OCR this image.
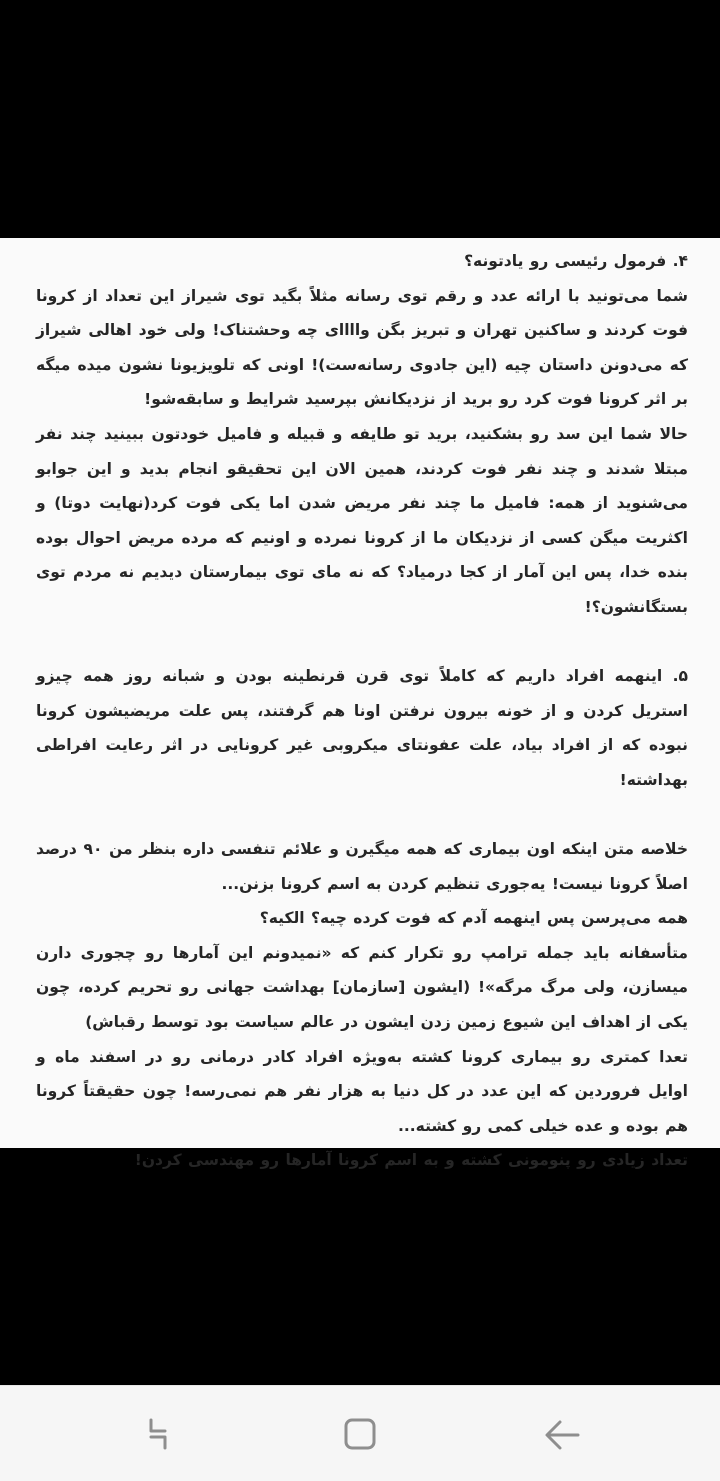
۴. فرمول رئیسی رو یادتونه؟

شما می‌تونید با ارائه عدد و رقم توی رسانه مثلاً بگید توی شیراز این تعداد از کرونا فوت کردند و ساکنین تهران و تبریز بگن واااای چه وحشتناک! ولی خود اهالی شیراز که می‌دونن داستان چیه (این جادوی رسانه‌ست)! اونی که تلویزیونا نشون میده میگه بر اثر کرونا فوت کرد رو برید از نزدیکانش بپرسید شرایط و سابقه‌شو!

حالا شما این سد رو بشکنید، برید تو طایفه و قبیله و فامیل خودتون ببینید چند نفر مبتلا شدند و چند نفر فوت کردند، همین الان این تحقیقو انجام بدید و این جوابو می‌شنوید از همه: فامیل ما چند نفر مریض شدن اما یکی فوت کرد(نهایت دوتا) و اکثریت میگن کسی از نزدیکان ما از کرونا نمرده و اونیم که مرده مریض احوال بوده بنده خدا، پس این آمار از کجا درمیاد؟ که نه مای توی بیمارستان دیدیم نه مردم توی بستگانشون؟!

۵. اینهمه افراد داریم که کاملاً توی قرن قرنطینه بودن و شبانه روز همه چیزو استریل کردن و از خونه بیرون نرفتن اونا هم گرفتند، پس علت مریضیشون کرونا نبوده که از افراد بیاد، علت عفونتای میکروبی غیر کرونایی در اثر رعایت افراطی بهداشته!

خلاصه متن اینکه اون بیماری که همه میگیرن و علائم تنفسی داره بنظر من ۹۰ درصد اصلاً کرونا نیست! یه‌جوری تنظیم کردن به اسم کرونا بزنن...

همه می‌پرسن پس اینهمه آدم که فوت کرده چیه؟ الکیه؟

متأسفانه باید جمله ترامپ رو تکرار کنم که «نمیدونم این آمارها رو چجوری دارن میسازن، ولی مرگ مرگه»! (ایشون [سازمان] بهداشت جهانی رو تحریم کرده، چون یکی از اهداف این شیوع زمین زدن ایشون در عالم سیاست بود توسط رقباش)

تعدا کمتری رو بیماری کرونا کشته به‌ویژه افراد کادر درمانی رو در اسفند ماه و اوایل فروردین که این عدد در کل دنیا به هزار نفر هم نمی‌رسه! چون حقیقتاً کرونا هم بوده و عده خیلی کمی رو کشته...

تعداد زیادی رو پنومونی کشته و به اسم کرونا آمارها رو مهندسی کردن!
